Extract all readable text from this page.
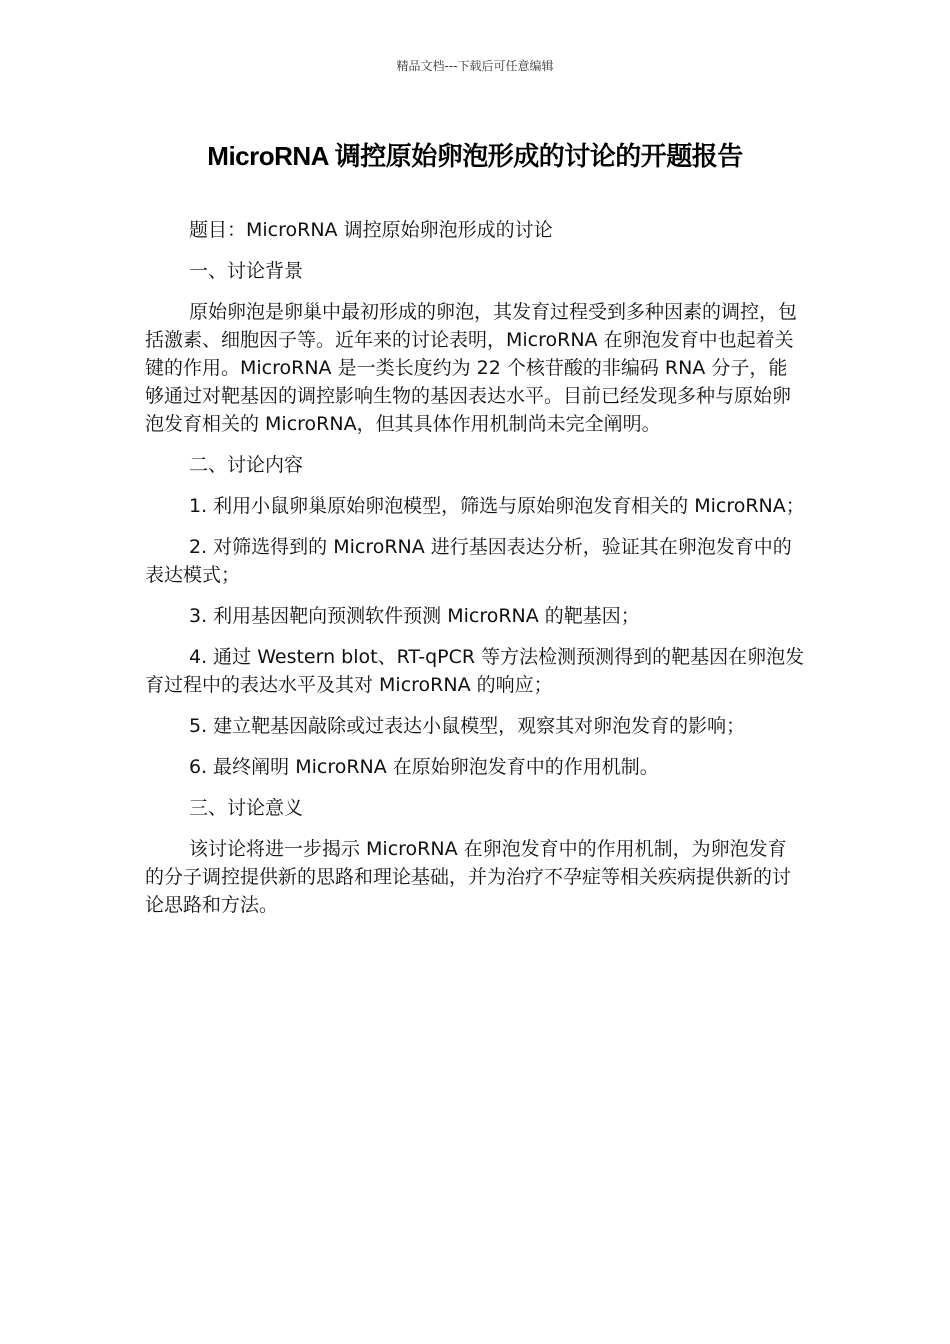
精品文档---下载后可任意编辑
MicroRNA 调控原始卵泡形成的讨论的开题报告

题目：MicroRNA 调控原始卵泡形成的讨论

一、讨论背景

原始卵泡是卵巢中最初形成的卵泡，其发育过程受到多种因素的调控，包括激素、细胞因子等。近年来的讨论表明，MicroRNA 在卵泡发育中也起着关键的作用。MicroRNA 是一类长度约为 22 个核苷酸的非编码 RNA 分子，能够通过对靶基因的调控影响生物的基因表达水平。目前已经发现多种与原始卵泡发育相关的 MicroRNA，但其具体作用机制尚未完全阐明。

二、讨论内容

1. 利用小鼠卵巢原始卵泡模型，筛选与原始卵泡发育相关的 MicroRNA；

2. 对筛选得到的 MicroRNA 进行基因表达分析，验证其在卵泡发育中的表达模式；

3. 利用基因靶向预测软件预测 MicroRNA 的靶基因；

4. 通过 Western blot、RT-qPCR 等方法检测预测得到的靶基因在卵泡发育过程中的表达水平及其对 MicroRNA 的响应；

5. 建立靶基因敲除或过表达小鼠模型，观察其对卵泡发育的影响；

6. 最终阐明 MicroRNA 在原始卵泡发育中的作用机制。

三、讨论意义

该讨论将进一步揭示 MicroRNA 在卵泡发育中的作用机制，为卵泡发育的分子调控提供新的思路和理论基础，并为治疗不孕症等相关疾病提供新的讨论思路和方法。
